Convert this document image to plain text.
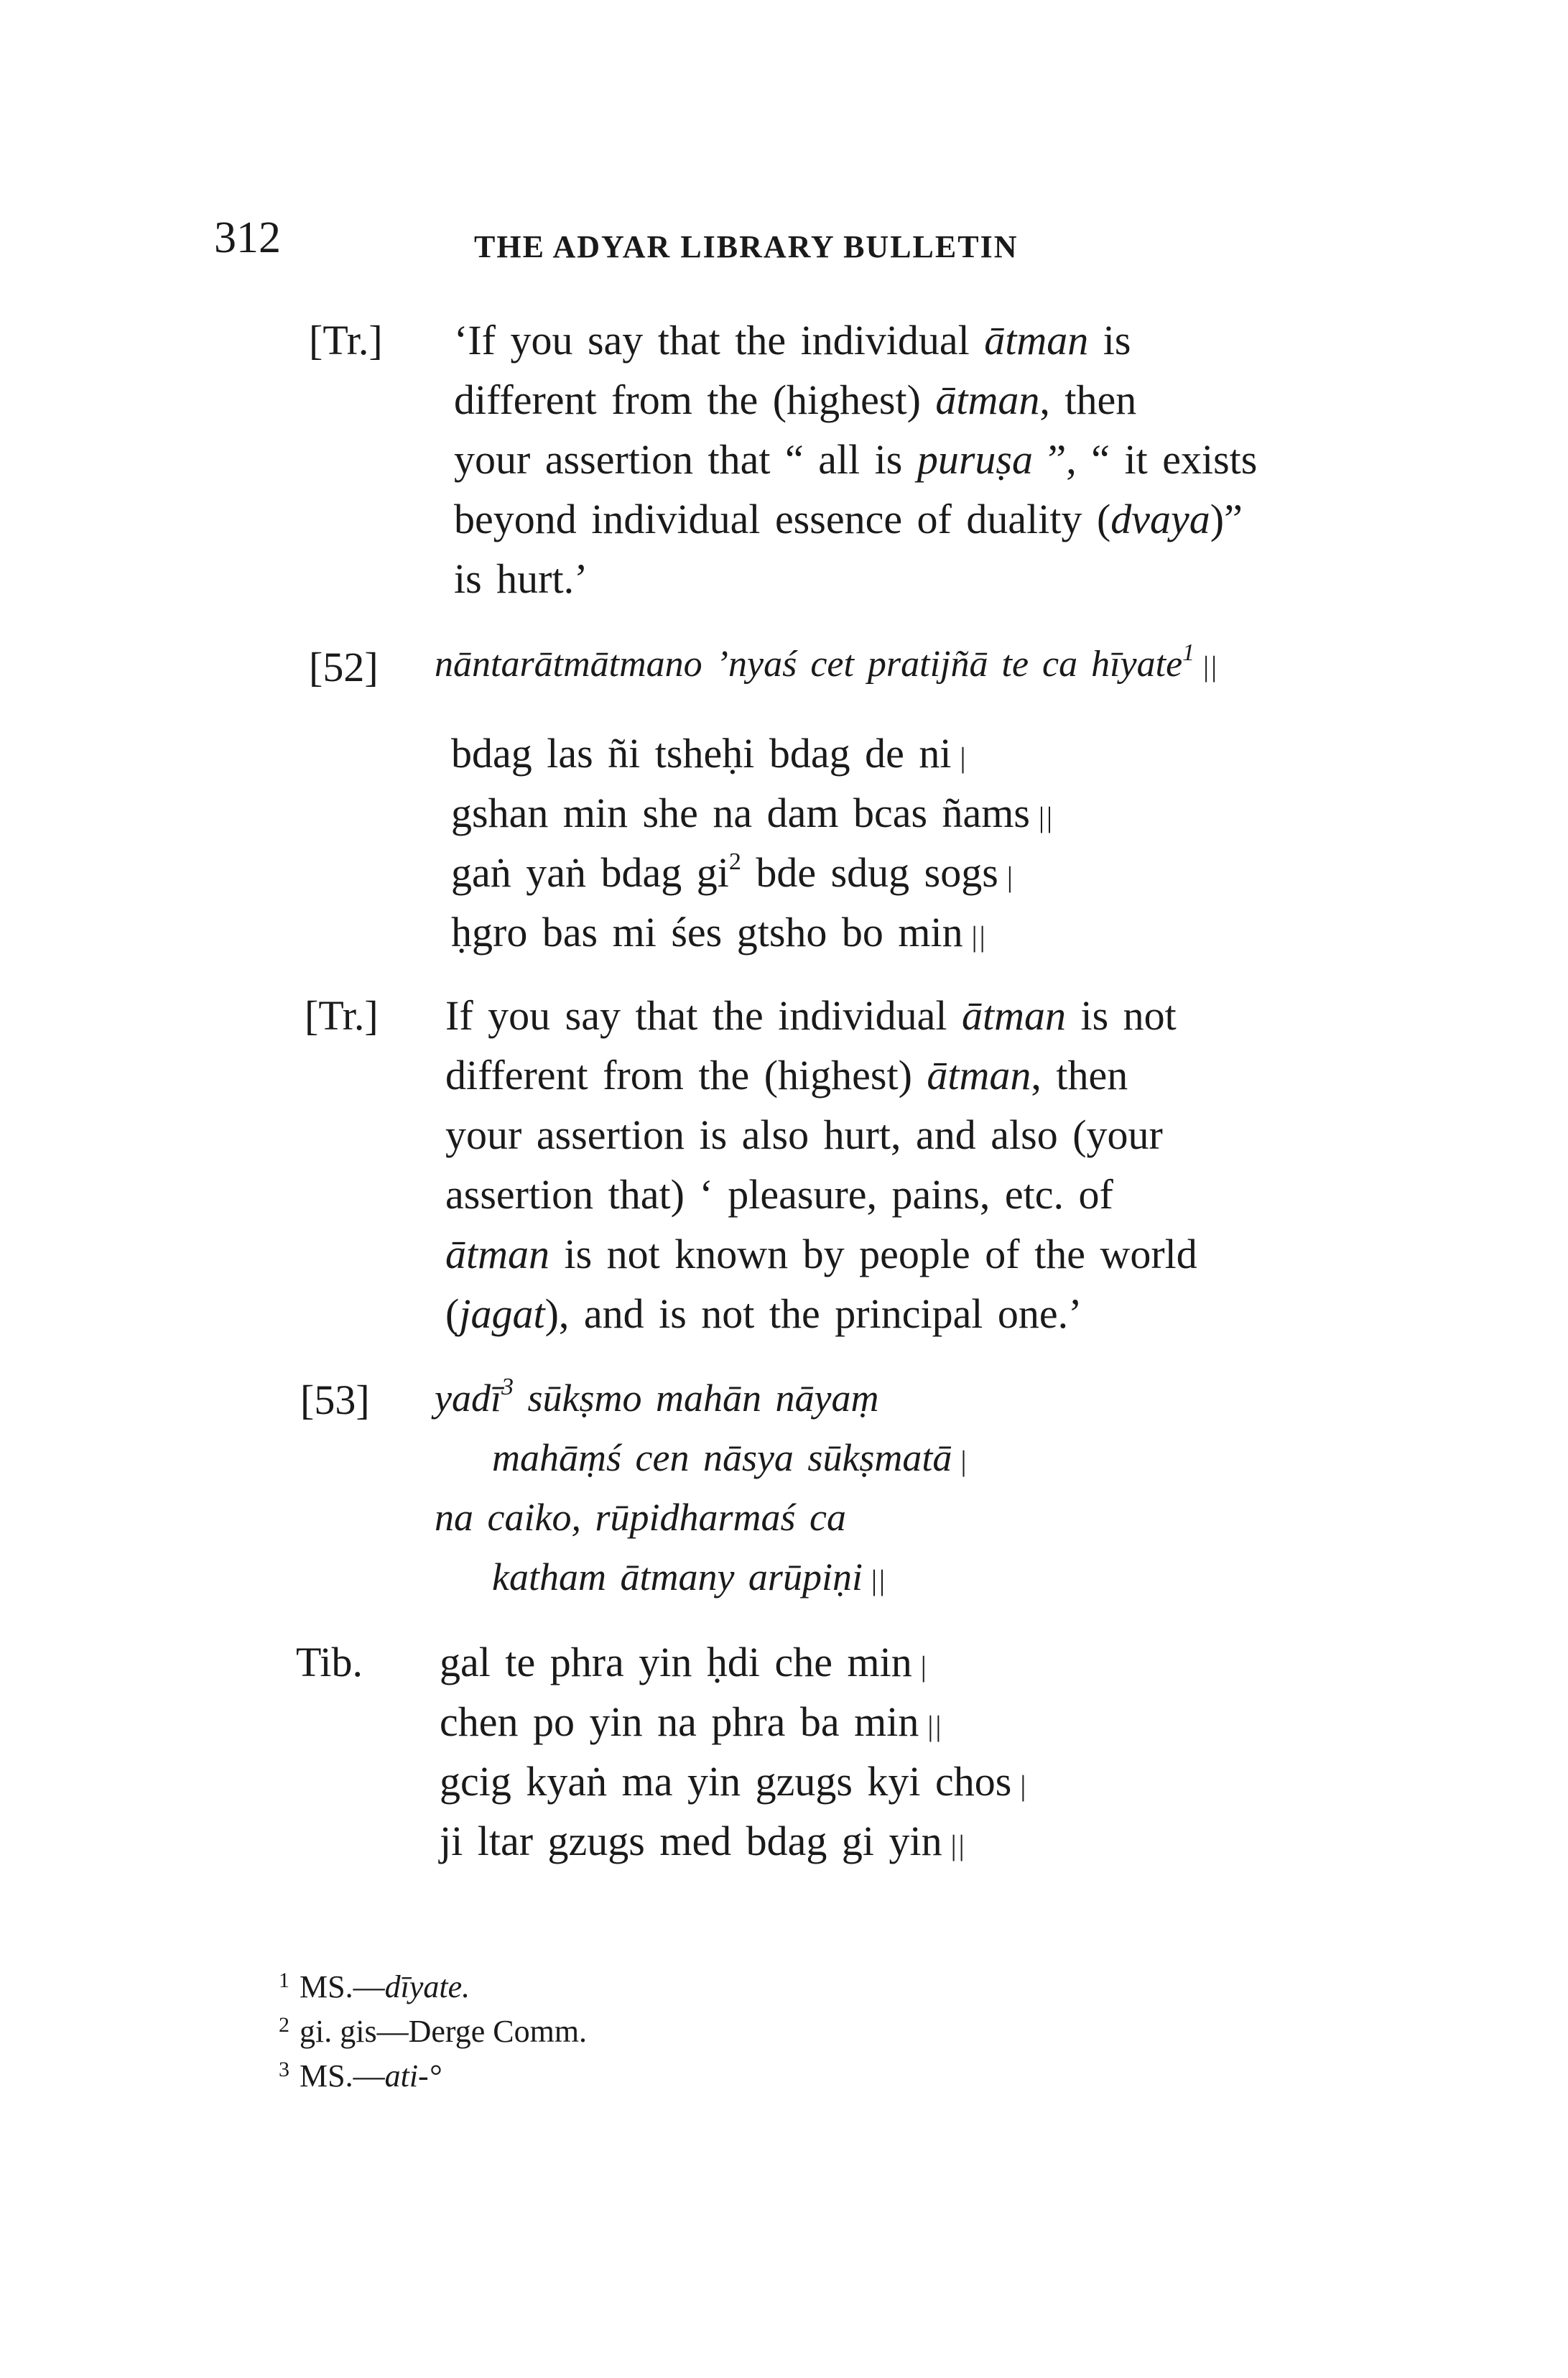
312	THE ADYAR LIBRARY BULLETIN
[Tr.] ‘If you say that the individual ātman is
different from the (highest) ātman, then
your assertion that “ all is puruṣa ”, “ it exists
beyond individual essence of duality (dvaya)”
is hurt.’
[52] nāntarātmātmano ’nyaś cet pratijñā te ca hīyate$^1$ ||
bdag las ñi tsheḥi bdag de ni |
gshan min she na dam bcas ñams ||
gaṅ yaṅ bdag $gi^2$ bde sdug sogs |
ḥgro bas mi śes gtsho bo min ||
[Tr.] If you say that the individual ātman is not
different from the (highest) ātman, then
your assertion is also hurt, and also (your
assertion that) ‘ pleasure, pains, etc. of
ātman is not known by people of the world
(jagat), and is not the principal one.’
[53] yadī$^3$ sūkṣmo mahān nāyaṃ
mahāṃś cen nāsya sūkṣmatā |
na caiko, rūpidharmaś ca
katham ātmany arūpiṇi ||
Tib. gal te phra yin ḥdi che min |
chen po yin na phra ba min ||
gcig kyaṅ ma yin gzugs kyi chos |
ji ltar gzugs med bdag gi yin ||
$^1$ MS.—dīyate.
$^2$ gi. gis—Derge Comm.
$^3$ MS.—ati-°
